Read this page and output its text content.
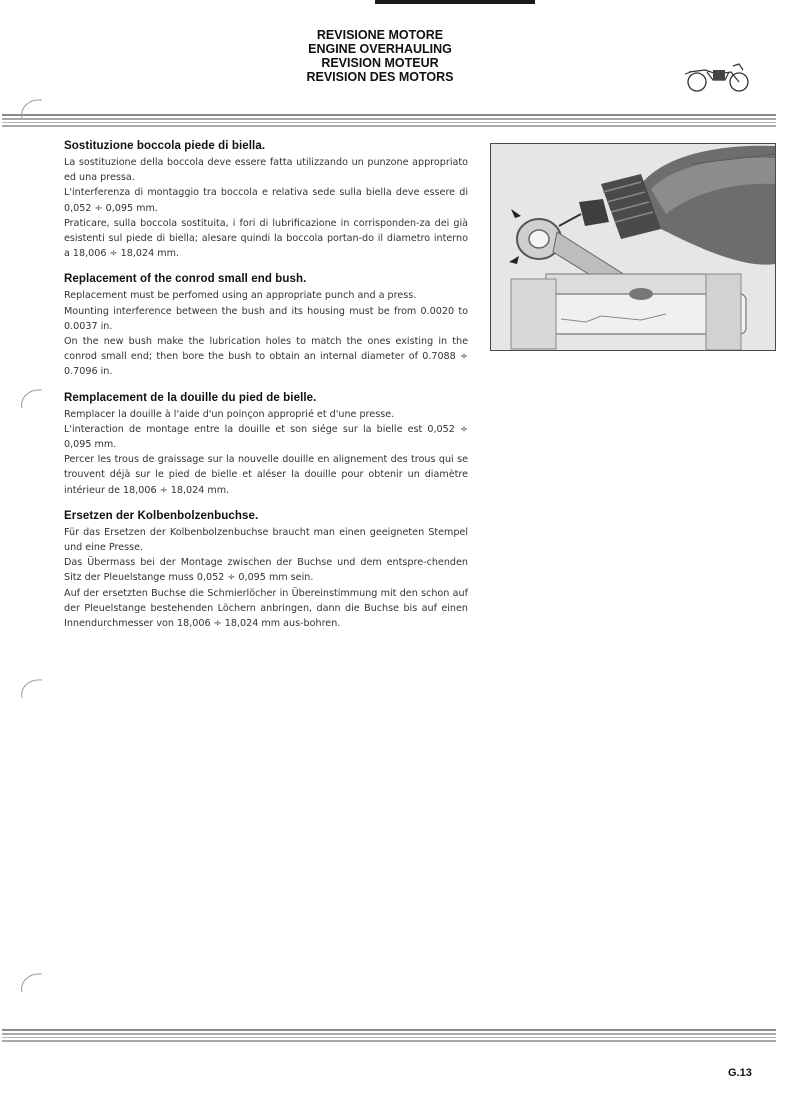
REVISIONE MOTORE
ENGINE OVERHAULING
REVISION MOTEUR
REVISION DES MOTORS
Sostituzione boccola piede di biella.

La sostituzione della boccola deve essere fatta utilizzando un punzone appropriato ed una pressa.

L'interferenza di montaggio tra boccola e relativa sede sulla biella deve essere di 0,052 ÷ 0,095 mm.

Praticare, sulla boccola sostituita, i fori di lubrificazione in corrisponden-za dei già esistenti sul piede di biella; alesare quindi la boccola portan-do il diametro interno a 18,006 ÷ 18,024 mm.

Replacement of the conrod small end bush.

Replacement must be perfomed using an appropriate punch and a press.

Mounting interference between the bush and its housing must be from 0.0020 to 0.0037 in.

On the new bush make the lubrication holes to match the ones existing in the conrod small end; then bore the bush to obtain an internal diameter of 0.7088 ÷ 0.7096 in.

Remplacement de la douille du pied de bielle.

Remplacer la douille à l'aide d'un poinçon approprié et d'une presse.

L'interaction de montage entre la douille et son siége sur la bielle est 0,052 ÷ 0,095 mm.

Percer les trous de graissage sur la nouvelle douille en alignement des trous qui se trouvent déjà sur le pied de bielle et aléser la douille pour obtenir un diamètre intérieur de 18,006 ÷ 18,024 mm.

Ersetzen der Kolbenbolzenbuchse.

Für das Ersetzen der Kolbenbolzenbuchse braucht man einen geeigneten Stempel und eine Presse.

Das Übermass bei der Montage zwischen der Buchse und dem entspre-chenden Sitz der Pleuelstange muss 0,052 ÷ 0,095 mm sein.

Auf der ersetzten Buchse die Schmierlöcher in Übereinstimmung mit den schon auf der Pleuelstange bestehenden Löchern anbringen, dann die Buchse bis auf einen Innendurchmesser von 18,006 ÷ 18,024 mm aus-bohren.

G.13
